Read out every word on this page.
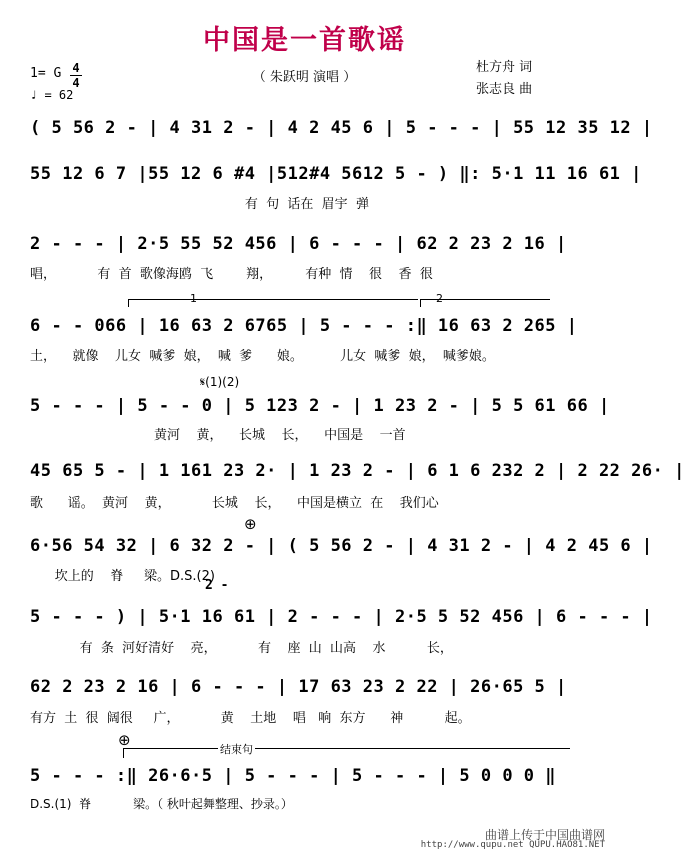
中国是一首歌谣
（ 朱跃明 演唱 ）
杜方舟 词
张志良 曲
1= G 4
4
♩ = 62
( 5 56 2 - | 4 31 2 - | 4 2 45 6 | 5 - - - | 55 12 35 12 |
55 12 6 7 |55 12 6 #4 |512#4 5612 5 - ) ‖: 5·1 11 16 61 |
有  句  话在  眉宇  弹
2 - - - | 2·5 55 52 456 | 6 - - - | 62 2 23 2 16 |
唱，          有  首  歌像海鸥  飞        翔，        有种  情    很    香  很
1	2
6 - - 066 | 16 63 2 6765 | 5 - - - :‖ 16 63 2 265 |
土，    就像    儿女  喊爹  娘，  喊  爹      娘。         儿女  喊爹  娘，  喊爹娘。
𝄋(1)(2)
5 - - - | 5 - - 0 | 5 123 2 - | 1 23 2 - | 5 5 61 66 |
黄河    黄，    长城    长，    中国是    一首
45 65 5 - | 1 161 23 2· | 1 23 2 - | 6 1 6 232 2 | 2 22 26· |
歌      谣。  黄河    黄，          长城    长，    中国是横立  在    我们心
⊕
6·56 54 32 | 6 32 2 - | ( 5 56 2 - | 4 31 2 - | 4 2 45 6 |
坎上的    脊     梁。D.S.(2)
2 -
5 - - - ) | 5·1 16 61 | 2 - - - | 2·5 5 52 456 | 6 - - - |
有  条  河好清好    亮，          有    座  山  山高    水          长，
62 2 23 2 16 | 6 - - - | 17 63 23 2 22 | 26·65 5 |
有方  土  很  阔很     广，          黄    土地    唱   响  东方      神          起。
⊕
结束句
5 - - - :‖ 26·6·5 | 5 - - - | 5 - - - | 5 0 0 0 ‖
D.S.(1)  脊           梁。（ 秋叶起舞整理、抄录。）
曲谱上传于中国曲谱网
http://www.qupu.net QUPU.HAO81.NET
